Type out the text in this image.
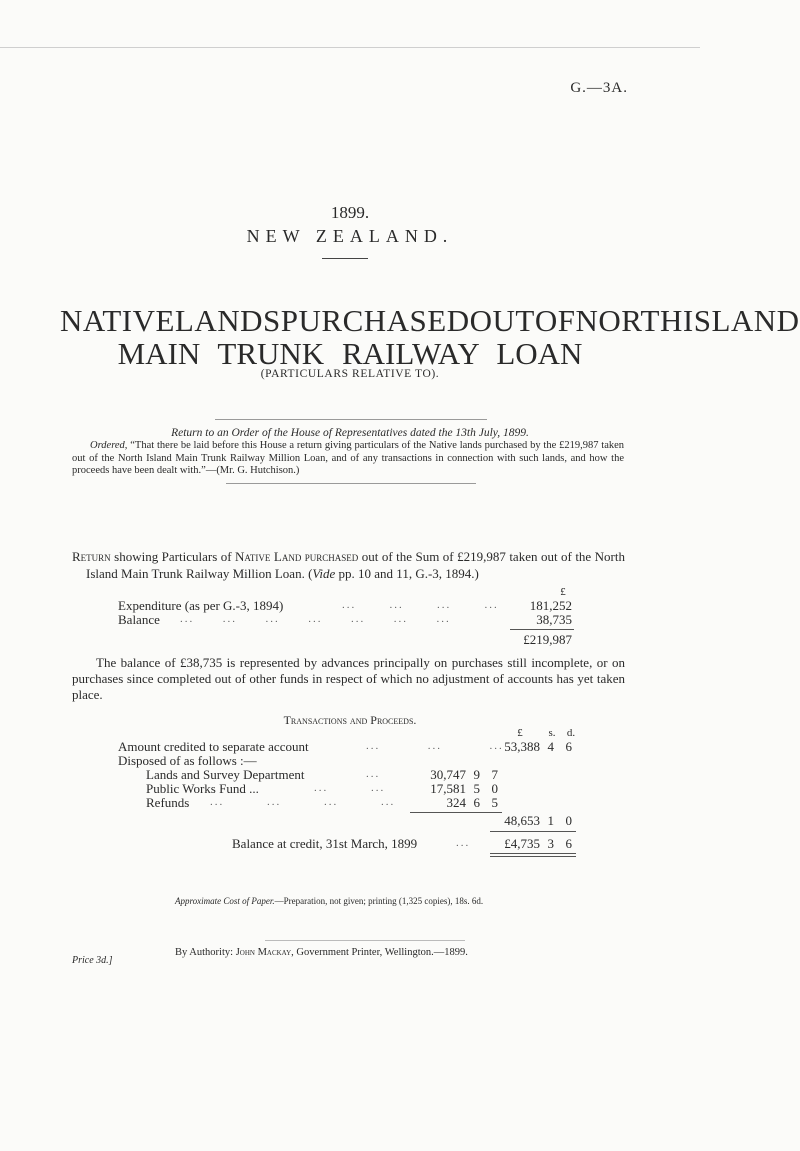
G.—3A.
1899.
NEW ZEALAND.
NATIVE LANDS PURCHASED OUT OF NORTH ISLAND
MAIN TRUNK RAILWAY LOAN
(PARTICULARS RELATIVE TO).
Return to an Order of the House of Representatives dated the 13th July, 1899.
Ordered, “That there be laid before this House a return giving particulars of the Native lands purchased by the £219,987 taken out of the North Island Main Trunk Railway Million Loan, and of any transactions in connection with such lands, and how the proceeds have been dealt with.”—(Mr. G. Hutchison.)
Return showing Particulars of Native Land purchased out of the Sum of £219,987 taken out of the North Island Main Trunk Railway Million Loan. (Vide pp. 10 and 11, G.-3, 1894.)
£
Expenditure (as per G.-3, 1894)	...       ...       ...       ...	181,252
Balance ...      ...      ...      ...      ...      ...      ...	38,735
£219,987
The balance of £38,735 is represented by advances principally on purchases still incomplete, or on purchases since completed out of other funds in respect of which no adjustment of accounts has yet taken place.
Transactions and Proceeds.
£	s.	d.
Amount credited to separate account	...          ...          ... 53,388 4 6
Disposed of as follows :—
Lands and Survey Department	...	30,747 9 7
Public Works Fund ...	...         ...	17,581 5 0
Refunds ...         ...         ...         ...	324 6 5
48,653 1 0
Balance at credit, 31st March, 1899	...	£4,735 3 6
Approximate Cost of Paper.—Preparation, not given; printing (1,325 copies), 18s. 6d.
By Authority: John Mackay, Government Printer, Wellington.—1899.
Price 3d.]
